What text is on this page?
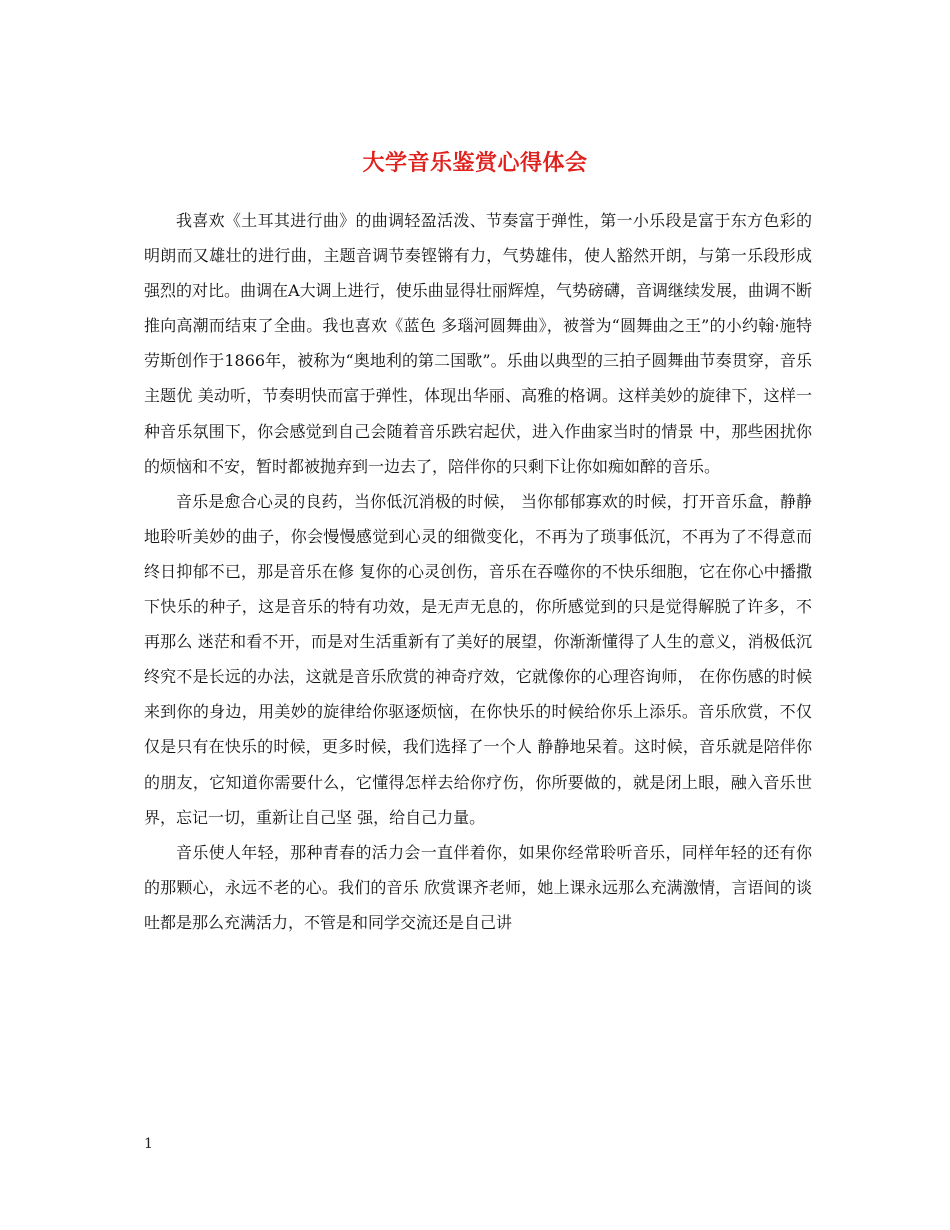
大学音乐鉴赏心得体会

我喜欢《土耳其进行曲》的曲调轻盈活泼、节奏富于弹性，第一小乐段是富于东方色彩的明朗而又雄壮的进行曲，主题音调节奏铿锵有力，气势雄伟，使人豁然开朗，与第一乐段形成强烈的对比。曲调在A大调上进行，使乐曲显得壮丽辉煌，气势磅礴，音调继续发展，曲调不断推向高潮而结束了全曲。我也喜欢《蓝色 多瑙河圆舞曲》，被誉为“圆舞曲之王”的小约翰·施特劳斯创作于1866年，被称为“奥地利的第二国歌”。乐曲以典型的三拍子圆舞曲节奏贯穿，音乐主题优 美动听，节奏明快而富于弹性，体现出华丽、高雅的格调。这样美妙的旋律下，这样一种音乐氛围下，你会感觉到自己会随着音乐跌宕起伏，进入作曲家当时的情景 中，那些困扰你的烦恼和不安，暂时都被抛弃到一边去了，陪伴你的只剩下让你如痴如醉的音乐。

音乐是愈合心灵的良药，当你低沉消极的时候， 当你郁郁寡欢的时候，打开音乐盒，静静地聆听美妙的曲子，你会慢慢感觉到心灵的细微变化，不再为了琐事低沉，不再为了不得意而终日抑郁不已，那是音乐在修 复你的心灵创伤，音乐在吞噬你的不快乐细胞，它在你心中播撒下快乐的种子，这是音乐的特有功效，是无声无息的，你所感觉到的只是觉得解脱了许多，不再那么 迷茫和看不开，而是对生活重新有了美好的展望，你渐渐懂得了人生的意义，消极低沉终究不是长远的办法，这就是音乐欣赏的神奇疗效，它就像你的心理咨询师， 在你伤感的时候来到你的身边，用美妙的旋律给你驱逐烦恼，在你快乐的时候给你乐上添乐。音乐欣赏，不仅仅是只有在快乐的时候，更多时候，我们选择了一个人 静静地呆着。这时候，音乐就是陪伴你的朋友，它知道你需要什么，它懂得怎样去给你疗伤，你所要做的，就是闭上眼，融入音乐世界，忘记一切，重新让自己坚 强，给自己力量。

音乐使人年轻，那种青春的活力会一直伴着你，如果你经常聆听音乐，同样年轻的还有你的那颗心，永远不老的心。我们的音乐 欣赏课齐老师，她上课永远那么充满激情，言语间的谈吐都是那么充满活力，不管是和同学交流还是自己讲

1
